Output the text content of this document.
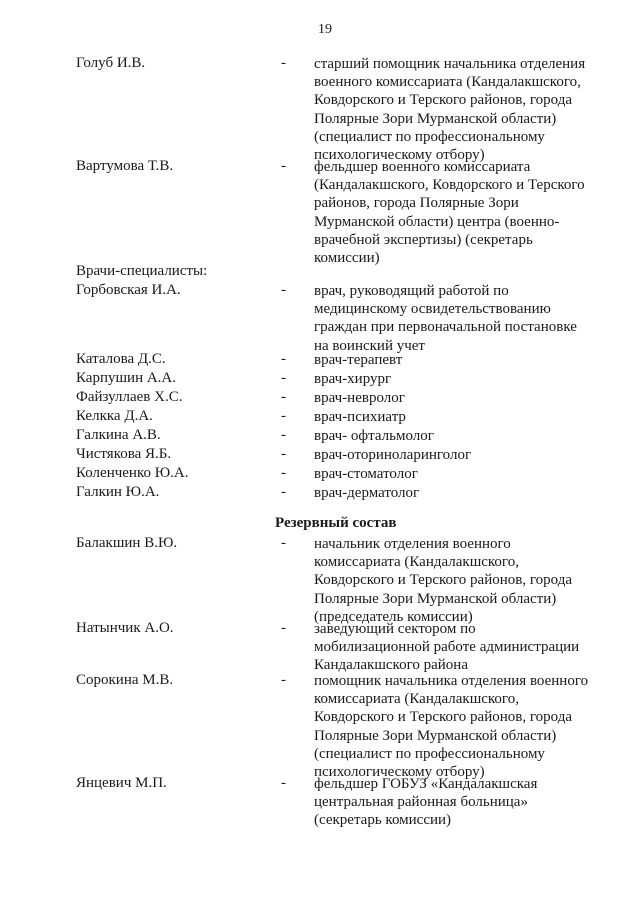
19
Голуб И.В.	- старший помощник начальника отделения
военного комиссариата (Кандалакшского,
Ковдорского и Терского районов, города
Полярные Зори Мурманской области)
(специалист по профессиональному
психологическому отбору)
Вартумова Т.В.	- фельдшер военного комиссариата
(Кандалакшского, Ковдорского и Терского
районов, города Полярные Зори
Мурманской области) центра (военно-
врачебной экспертизы) (секретарь
комиссии)
Врачи-специалисты:
Горбовская И.А.	- врач, руководящий работой по
медицинскому освидетельствованию
граждан при первоначальной постановке
на воинский учет
Каталова Д.С.	- врач-терапевт
Карпушин А.А.	- врач-хирург
Файзуллаев Х.С.	- врач-невролог
Келкка Д.А.	- врач-психиатр
Галкина А.В.	- врач- офтальмолог
Чистякова Я.Б.	- врач-оториноларинголог
Коленченко Ю.А.	- врач-стоматолог
Галкин Ю.А.	- врач-дерматолог
Резервный состав
Балакшин В.Ю.	- начальник отделения военного
комиссариата (Кандалакшского,
Ковдорского и Терского районов, города
Полярные Зори Мурманской области)
(председатель комиссии)
Натынчик А.О.	- заведующий сектором по
мобилизационной работе администрации
Кандалакшского района
Сорокина М.В.	- помощник начальника отделения военного
комиссариата (Кандалакшского,
Ковдорского и Терского районов, города
Полярные Зори Мурманской области)
(специалист по профессиональному
психологическому отбору)
Янцевич М.П.	- фельдшер ГОБУЗ «Кандалакшская
центральная районная больница»
(секретарь комиссии)
